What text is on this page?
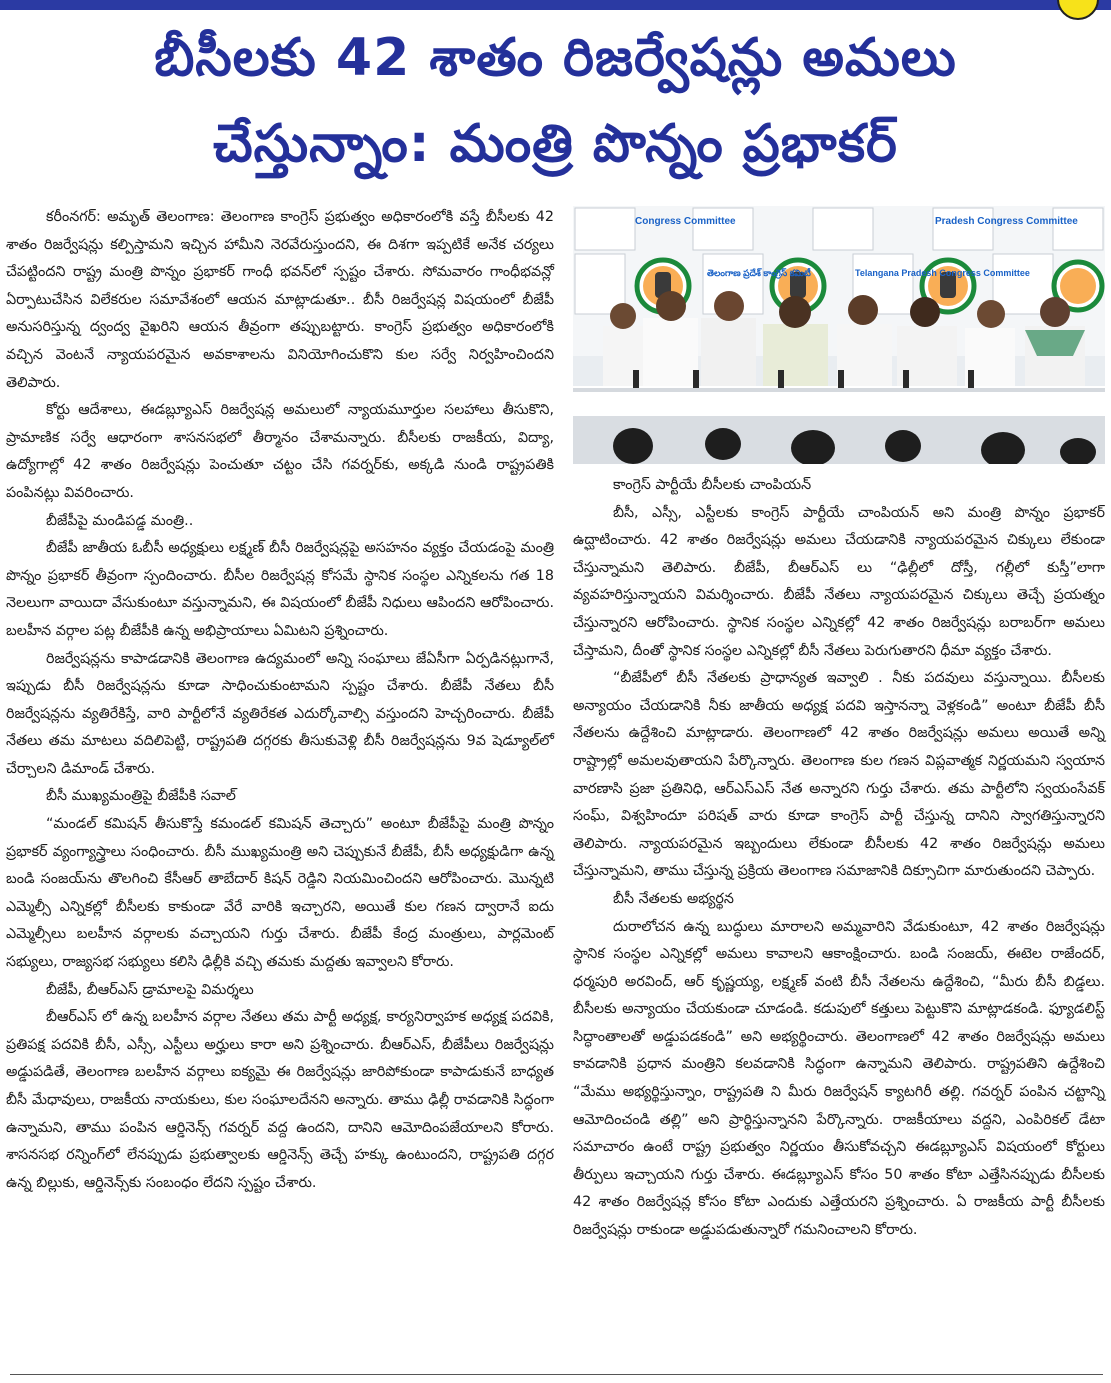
బీసీలకు 42 శాతం రిజర్వేషన్లు అమలు
చేస్తున్నాం: మంత్రి పొన్నం ప్రభాకర్

కరీంనగర్: అమృత్ తెలంగాణ: తెలంగాణ కాంగ్రెస్ ప్రభుత్వం అధికారంలోకి వస్తే బీసీలకు 42 శాతం రిజర్వేషన్లు కల్పిస్తామని ఇచ్చిన హామీని నెరవేరుస్తుందని, ఈ దిశగా ఇప్పటికే అనేక చర్యలు చేపట్టిందని రాష్ట్ర మంత్రి పొన్నం ప్రభాకర్ గాంధీ భవన్‌లో స్పష్టం చేశారు. సోమవారం గాంధీభవన్లో ఏర్పాటుచేసిన విలేకరుల సమావేశంలో ఆయన మాట్లాడుతూ.. బీసీ రిజర్వేషన్ల విషయంలో బీజేపీ అనుసరిస్తున్న ద్వంద్వ వైఖరిని ఆయన తీవ్రంగా తప్పుబట్టారు. కాంగ్రెస్ ప్రభుత్వం అధికారంలోకి వచ్చిన వెంటనే న్యాయపరమైన అవకాశాలను వినియోగించుకొని కుల సర్వే నిర్వహించిందని తెలిపారు.

కోర్టు ఆదేశాలు, ఈడబ్ల్యూఎస్ రిజర్వేషన్ల అమలులో న్యాయమూర్తుల సలహాలు తీసుకొని, ప్రామాణిక సర్వే ఆధారంగా శాసనసభలో తీర్మానం చేశామన్నారు. బీసీలకు రాజకీయ, విద్యా, ఉద్యోగాల్లో 42 శాతం రిజర్వేషన్లు పెంచుతూ చట్టం చేసి గవర్నర్‌కు, అక్కడి నుండి రాష్ట్రపతికి పంపినట్లు వివరించారు.

బీజేపీపై మండిపడ్డ మంత్రి..

బీజేపీ జాతీయ ఓబీసీ అధ్యక్షులు లక్ష్మణ్ బీసీ రిజర్వేషన్లపై అసహనం వ్యక్తం చేయడంపై మంత్రి పొన్నం ప్రభాకర్ తీవ్రంగా స్పందించారు. బీసీల రిజర్వేషన్ల కోసమే స్థానిక సంస్థల ఎన్నికలను గత 18 నెలలుగా వాయిదా వేసుకుంటూ వస్తున్నామని, ఈ విషయంలో బీజేపీ నిధులు ఆపిందని ఆరోపించారు. బలహీన వర్గాల పట్ల బీజేపీకి ఉన్న అభిప్రాయాలు ఏమిటని ప్రశ్నించారు.

రిజర్వేషన్లను కాపాడడానికి తెలంగాణ ఉద్యమంలో అన్ని సంఘాలు జేఏసీగా ఏర్పడినట్లుగానే, ఇప్పుడు బీసీ రిజర్వేషన్లను కూడా సాధించుకుంటామని స్పష్టం చేశారు. బీజేపీ నేతలు బీసీ రిజర్వేషన్లను వ్యతిరేకిస్తే, వారి పార్టీలోనే వ్యతిరేకత ఎదుర్కోవాల్సి వస్తుందని హెచ్చరించారు. బీజేపీ నేతలు తమ మాటలు వదిలిపెట్టి, రాష్ట్రపతి దగ్గరకు తీసుకువెళ్లి బీసీ రిజర్వేషన్లను 9వ షెడ్యూల్‌లో చేర్చాలని డిమాండ్ చేశారు.

బీసీ ముఖ్యమంత్రిపై బీజేపీకి సవాల్

“మండల్ కమిషన్ తీసుకొస్తే కమండల్ కమిషన్ తెచ్చారు” అంటూ బీజేపీపై మంత్రి పొన్నం ప్రభాకర్ వ్యంగ్యాస్త్రాలు సంధించారు. బీసీ ముఖ్యమంత్రి అని చెప్పుకునే బీజేపీ, బీసీ అధ్యక్షుడిగా ఉన్న బండి సంజయ్‌ను తొలగించి కేసీఆర్ తాబేదార్ కిషన్ రెడ్డిని నియమించిందని ఆరోపించారు. మొన్నటి ఎమ్మెల్సీ ఎన్నికల్లో బీసీలకు కాకుండా వేరే వారికి ఇచ్చారని, అయితే కుల గణన ద్వారానే ఐదు ఎమ్మెల్సీలు బలహీన వర్గాలకు వచ్చాయని గుర్తు చేశారు. బీజేపీ కేంద్ర మంత్రులు, పార్లమెంట్ సభ్యులు, రాజ్యసభ సభ్యులు కలిసి ఢిల్లీకి వచ్చి తమకు మద్దతు ఇవ్వాలని కోరారు.

బీజేపీ, బీఆర్ఎస్ డ్రామాలపై విమర్శలు

బీఆర్ఎస్ లో ఉన్న బలహీన వర్గాల నేతలు తమ పార్టీ అధ్యక్ష, కార్యనిర్వాహక అధ్యక్ష పదవికి, ప్రతిపక్ష పదవికి బీసీ, ఎస్సీ, ఎస్టీలు అర్హులు కారా అని ప్రశ్నించారు. బీఆర్ఎస్, బీజేపీలు రిజర్వేషన్లు అడ్డుపడితే, తెలంగాణ బలహీన వర్గాలు ఐక్యమై ఈ రిజర్వేషన్లు జారిపోకుండా కాపాడుకునే బాధ్యత బీసీ మేధావులు, రాజకీయ నాయకులు, కుల సంఘాలదేనని అన్నారు. తాము ఢిల్లీ రావడానికి సిద్ధంగా ఉన్నామని, తాము పంపిన ఆర్డినెన్స్ గవర్నర్ వద్ద ఉందని, దానిని ఆమోదింపజేయాలని కోరారు. శాసనసభ రన్నింగ్‌లో లేనప్పుడు ప్రభుత్వాలకు ఆర్డినెన్స్ తెచ్చే హక్కు ఉంటుందని, రాష్ట్రపతి దగ్గర ఉన్న బిల్లుకు, ఆర్డినెన్స్‌కు సంబంధం లేదని స్పష్టం చేశారు.

Congress Committee
తెలంగాణ ప్రదేశ్ కాంగ్రెస్ కమిటీ	Telangana Pradesh Congress Committee
Pradesh Congress Committee

కాంగ్రెస్ పార్టీయే బీసీలకు చాంపియన్

బీసీ, ఎస్సీ, ఎస్టీలకు కాంగ్రెస్ పార్టీయే చాంపియన్ అని మంత్రి పొన్నం ప్రభాకర్ ఉద్ఘాటించారు. 42 శాతం రిజర్వేషన్లు అమలు చేయడానికి న్యాయపరమైన చిక్కులు లేకుండా చేస్తున్నామని తెలిపారు. బీజేపీ, బీఆర్ఎస్ లు “ఢిల్లీలో దోస్తీ, గల్లీలో కుస్తీ”లాగా వ్యవహరిస్తున్నాయని విమర్శించారు. బీజేపీ నేతలు న్యాయపరమైన చిక్కులు తెచ్చే ప్రయత్నం చేస్తున్నారని ఆరోపించారు. స్థానిక సంస్థల ఎన్నికల్లో 42 శాతం రిజర్వేషన్లు బరాబర్‌గా అమలు చేస్తామని, దీంతో స్థానిక సంస్థల ఎన్నికల్లో బీసీ నేతలు పెరుగుతారని ధీమా వ్యక్తం చేశారు.

“బీజేపీలో బీసీ నేతలకు ప్రాధాన్యత ఇవ్వాలి . నీకు పదవులు వస్తున్నాయి. బీసీలకు అన్యాయం చేయడానికి నీకు జాతీయ అధ్యక్ష పదవి ఇస్తానన్నా వెళ్లకండి” అంటూ బీజేపీ బీసీ నేతలను ఉద్దేశించి మాట్లాడారు. తెలంగాణలో 42 శాతం రిజర్వేషన్లు అమలు అయితే అన్ని రాష్ట్రాల్లో అమలవుతాయని పేర్కొన్నారు. తెలంగాణ కుల గణన విప్లవాత్మక నిర్ణయమని స్వయాన వారణాసి ప్రజా ప్రతినిధి, ఆర్ఎస్ఎస్ నేత అన్నారని గుర్తు చేశారు. తమ పార్టీలోని స్వయంసేవక్ సంఘ్, విశ్వహిందూ పరిషత్ వారు కూడా కాంగ్రెస్ పార్టీ చేస్తున్న దానిని స్వాగతిస్తున్నారని తెలిపారు. న్యాయపరమైన ఇబ్బందులు లేకుండా బీసీలకు 42 శాతం రిజర్వేషన్లు అమలు చేస్తున్నామని, తాము చేస్తున్న ప్రక్రియ తెలంగాణ సమాజానికి దిక్సూచిగా మారుతుందని చెప్పారు.

బీసీ నేతలకు అభ్యర్థన

దురాలోచన ఉన్న బుద్ధులు మారాలని అమ్మవారిని వేడుకుంటూ, 42 శాతం రిజర్వేషన్లు స్థానిక సంస్థల ఎన్నికల్లో అమలు కావాలని ఆకాంక్షించారు. బండి సంజయ్, ఈటెల రాజేందర్, ధర్మపురి అరవింద్, ఆర్ కృష్ణయ్య, లక్ష్మణ్ వంటి బీసీ నేతలను ఉద్దేశించి, “మీరు బీసీ బిడ్డలు. బీసీలకు అన్యాయం చేయకుండా చూడండి. కడుపులో కత్తులు పెట్టుకొని మాట్లాడకండి. ఫ్యూడలిస్ట్ సిద్ధాంతాలతో అడ్డుపడకండి” అని అభ్యర్థించారు. తెలంగాణలో 42 శాతం రిజర్వేషన్లు అమలు కావడానికి ప్రధాన మంత్రిని కలవడానికి సిద్ధంగా ఉన్నామని తెలిపారు. రాష్ట్రపతిని ఉద్దేశించి “మేము అభ్యర్థిస్తున్నాం, రాష్ట్రపతి ని మీరు రిజర్వేషన్ క్యాటగిరీ తల్లి. గవర్నర్ పంపిన చట్టాన్ని ఆమోదించండి తల్లి” అని ప్రార్థిస్తున్నానని పేర్కొన్నారు. రాజకీయాలు వద్దని, ఎంపిరికల్ డేటా సమాచారం ఉంటే రాష్ట్ర ప్రభుత్వం నిర్ణయం తీసుకోవచ్చని ఈడబ్ల్యూఎస్ విషయంలో కోర్టులు తీర్పులు ఇచ్చాయని గుర్తు చేశారు. ఈడబ్ల్యూఎస్ కోసం 50 శాతం కోటా ఎత్తేసినప్పుడు బీసీలకు 42 శాతం రిజర్వేషన్ల కోసం కోటా ఎందుకు ఎత్తేయరని ప్రశ్నించారు. ఏ రాజకీయ పార్టీ బీసీలకు రిజర్వేషన్లు రాకుండా అడ్డుపడుతున్నారో గమనించాలని కోరారు.
